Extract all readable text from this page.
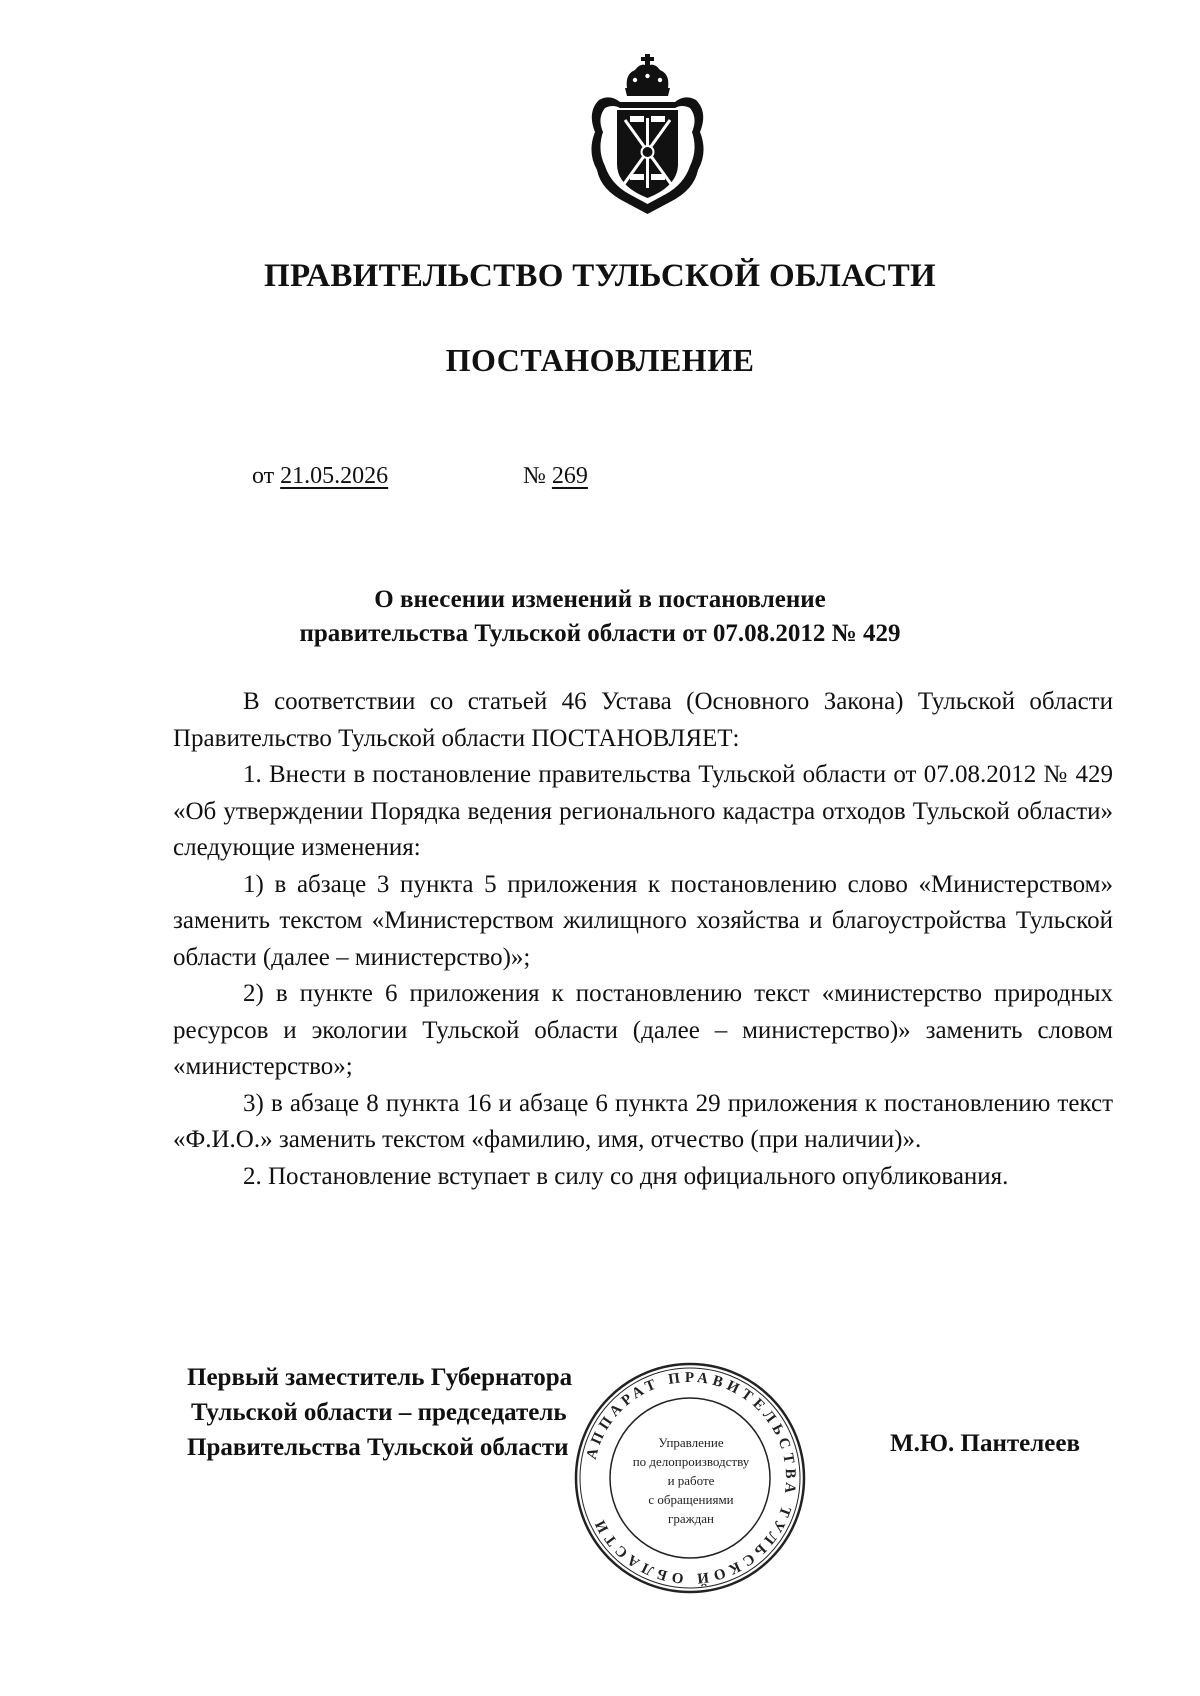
ПРАВИТЕЛЬСТВО ТУЛЬСКОЙ ОБЛАСТИ
ПОСТАНОВЛЕНИЕ
от 21.05.2026	№ 269
О внесении изменений в постановление
правительства Тульской области от 07.08.2012 № 429

В соответствии со статьей 46 Устава (Основного Закона) Тульской области Правительство Тульской области ПОСТАНОВЛЯЕТ:

1. Внести в постановление правительства Тульской области от 07.08.2012 № 429 «Об утверждении Порядка ведения регионального кадастра отходов Тульской области» следующие изменения:

1) в абзаце 3 пункта 5 приложения к постановлению слово «Министерством» заменить текстом «Министерством жилищного хозяйства и благоустройства Тульской области (далее – министерство)»;

2) в пункте 6 приложения к постановлению текст «министерство природных ресурсов и экологии Тульской области (далее – министерство)» заменить словом «министерство»;

3) в абзаце 8 пункта 16 и абзаце 6 пункта 29 приложения к постановлению текст «Ф.И.О.» заменить текстом «фамилию, имя, отчество (при наличии)».

2. Постановление вступает в силу со дня официального опубликования.

АППАРАТ ПРАВИТЕЛЬСТВА ТУЛЬСКОЙ ОБЛАСТИ
Управление
по делопроизводству
и работе
с обращениями
граждан
Первый заместитель Губернатора
Тульской области – председатель
Правительства Тульской области	М.Ю. Пантелеев
